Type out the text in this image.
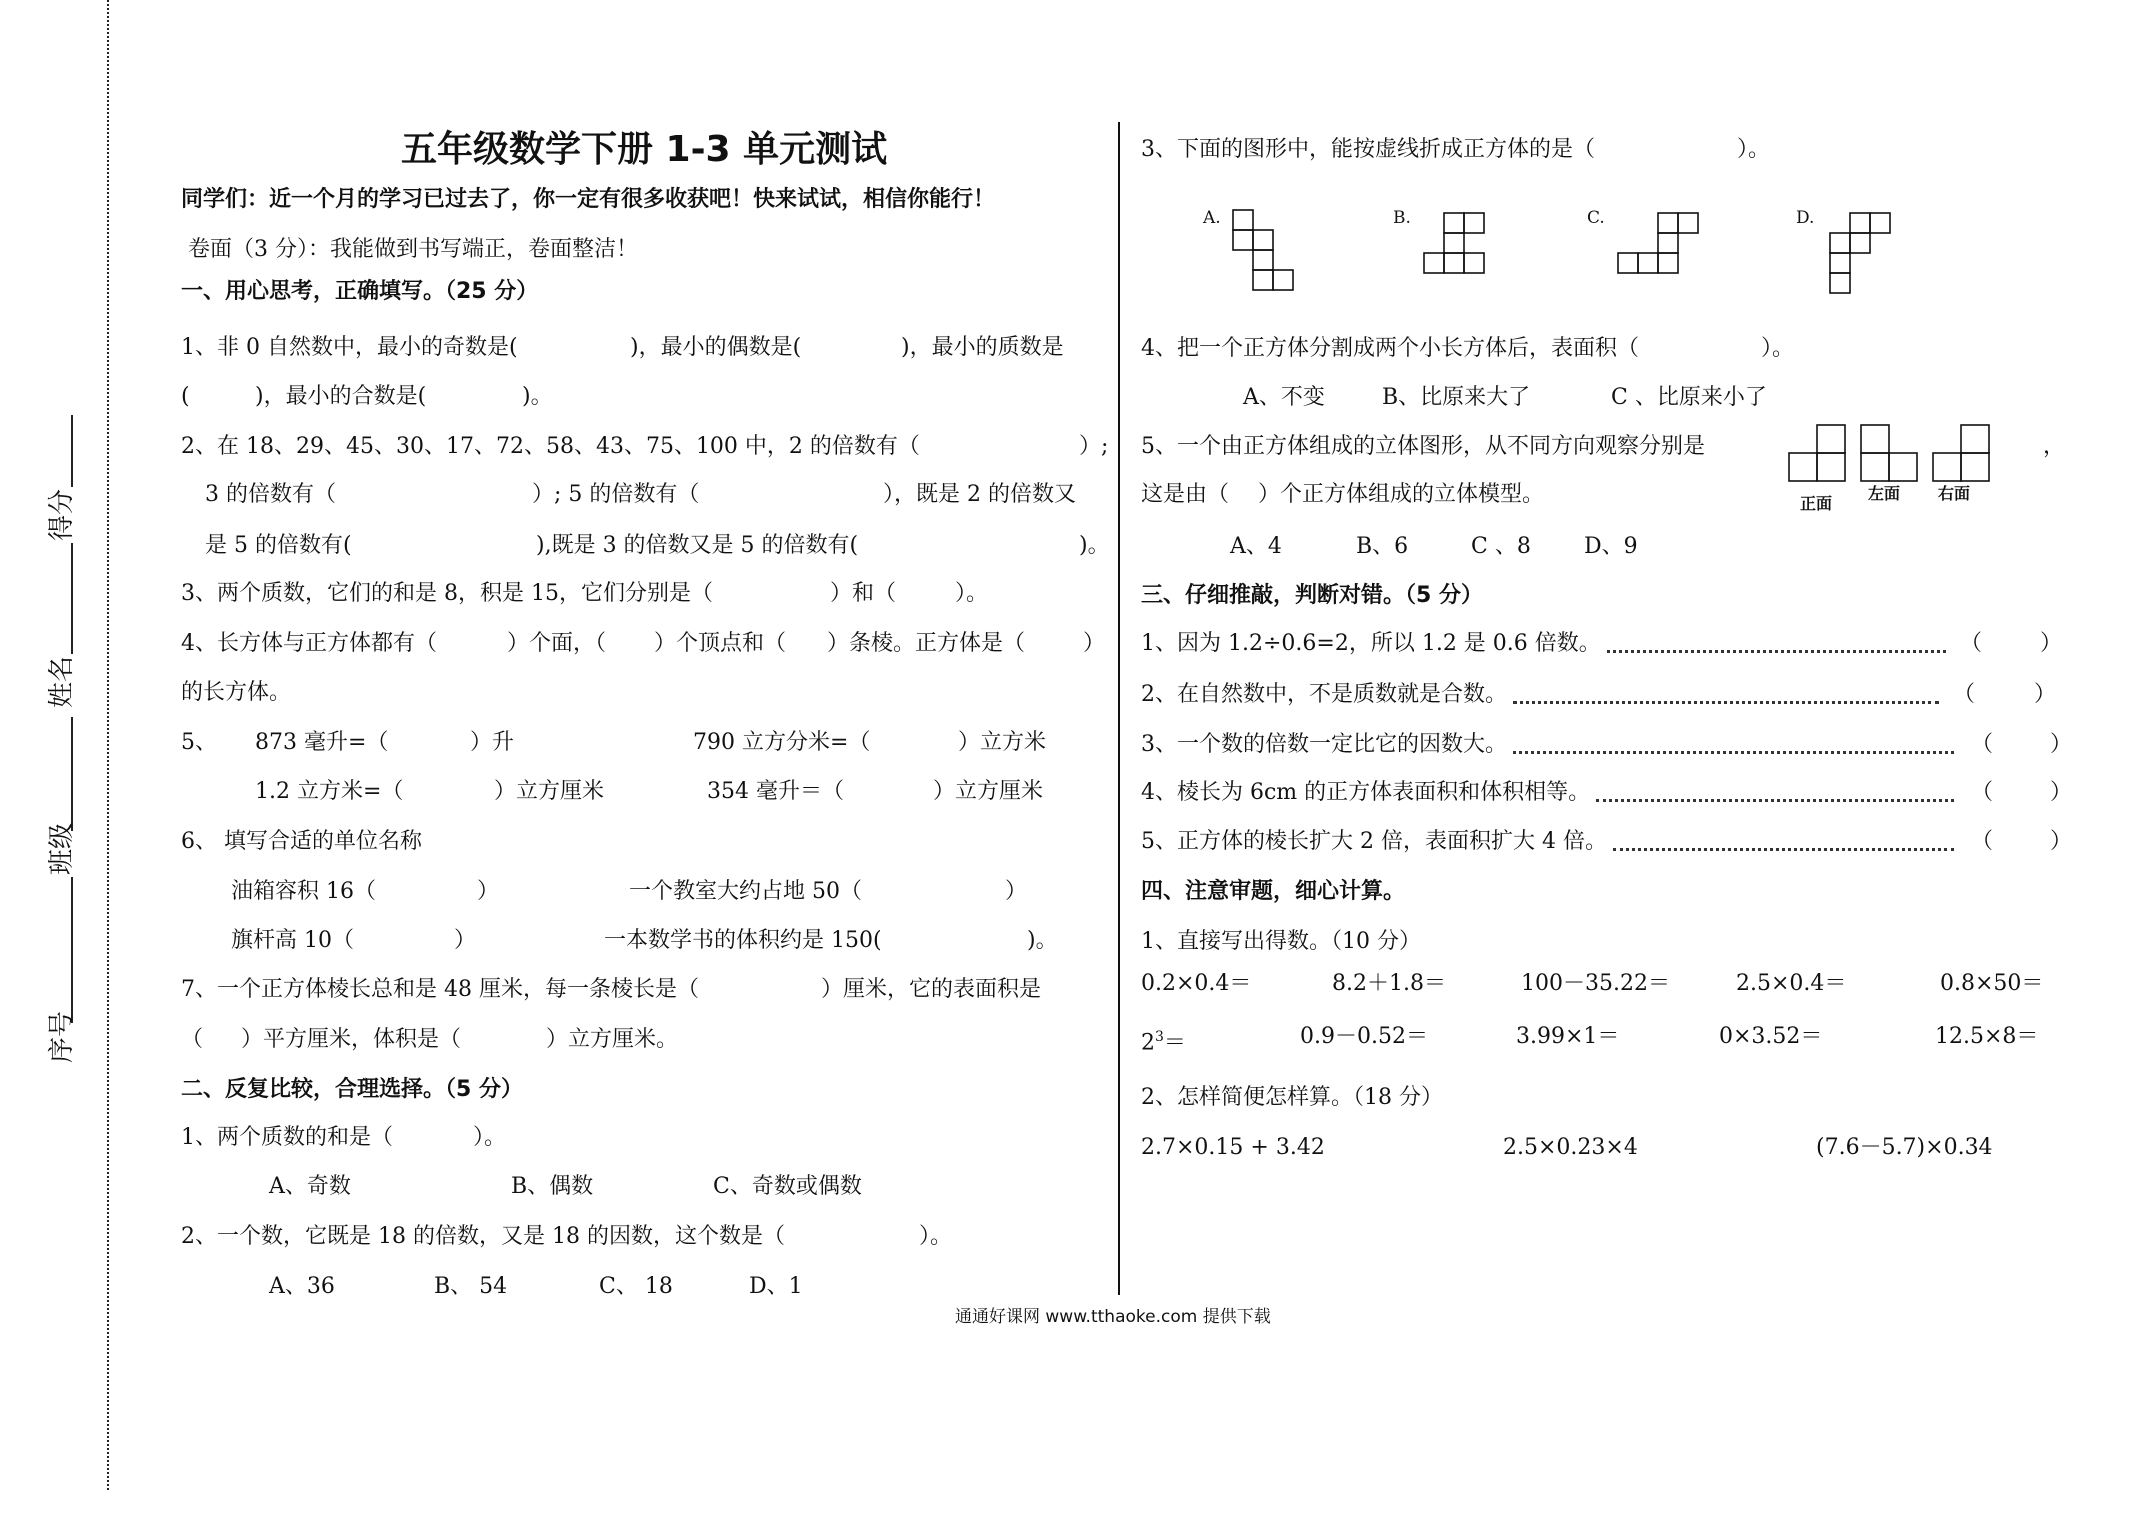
得分
姓名
班级
序号
五年级数学下册 1-3 单元测试
同学们：近一个月的学习已过去了，你一定有很多收获吧！快来试试，相信你能行！
卷面（3 分）：我能做到书写端正，卷面整洁！
一、用心思考，正确填写。（25 分）
1、非 0 自然数中，最小的奇数是(	)，最小的偶数是(	)，最小的质数是
(	)，最小的合数是(	)。
2、在 18、29、45、30、17、72、58、43、75、100 中，2 的倍数有（	）;
3 的倍数有（	）; 5 的倍数有（	），既是 2 的倍数又
是 5 的倍数有(	),既是 3 的倍数又是 5 的倍数有(	)。
3、两个质数，它们的和是 8，积是 15，它们分别是（	）和（	）。
4、长方体与正方体都有（	）个面，（ ）个顶点和（ ）条棱。正方体是（	）
的长方体。
5、 873 毫升=（	）升	790 立方分米=（	）立方米
1.2 立方米=（	）立方厘米	354 毫升＝（	）立方厘米
6、 填写合适的单位名称
油箱容积 16（	）	一个教室大约占地 50（	）
旗杆高 10（	）	一本数学书的体积约是 150(	)。
7、一个正方体棱长总和是 48 厘米，每一条棱长是（	）厘米，它的表面积是
（ ）平方厘米，体积是（	）立方厘米。
二、反复比较，合理选择。（5 分）
1、两个质数的和是（	）。
A、奇数	B、偶数	C、奇数或偶数
2、一个数，它既是 18 的倍数，又是 18 的因数，这个数是（	）。
A、36	B、 54	C、 18	D、1
通通好课网 www.tthaoke.com 提供下载
3、下面的图形中，能按虚线折成正方体的是（	）。
A.	B.	C.	D.
4、把一个正方体分割成两个小长方体后，表面积（	）。
A、不变	B、比原来大了	C 、比原来小了
5、一个由正方体组成的立体图形，从不同方向观察分别是	，
正面
左面 右面
这是由（ ）个正方体组成的立体模型。
A、4	B、6	C 、8 D、9
三、仔细推敲，判断对错。（5 分）
1、因为 1.2÷0.6=2，所以 1.2 是 0.6 倍数。	（	）
2、在自然数中，不是质数就是合数。	（	）
3、一个数的倍数一定比它的因数大。	（	）
4、棱长为 6cm 的正方体表面积和体积相等。	（	）
5、正方体的棱长扩大 2 倍，表面积扩大 4 倍。	（	）
四、注意审题，细心计算。
1、直接写出得数。（10 分）
0.2×0.4＝	8.2＋1.8＝	100－35.22＝	2.5×0.4＝	0.8×50＝
$2^3=$	0.9－0.52＝	3.99×1＝	0×3.52＝	12.5×8＝
2、怎样简便怎样算。（18 分）
2.7×0.15 + 3.42	2.5×0.23×4	(7.6－5.7)×0.34
